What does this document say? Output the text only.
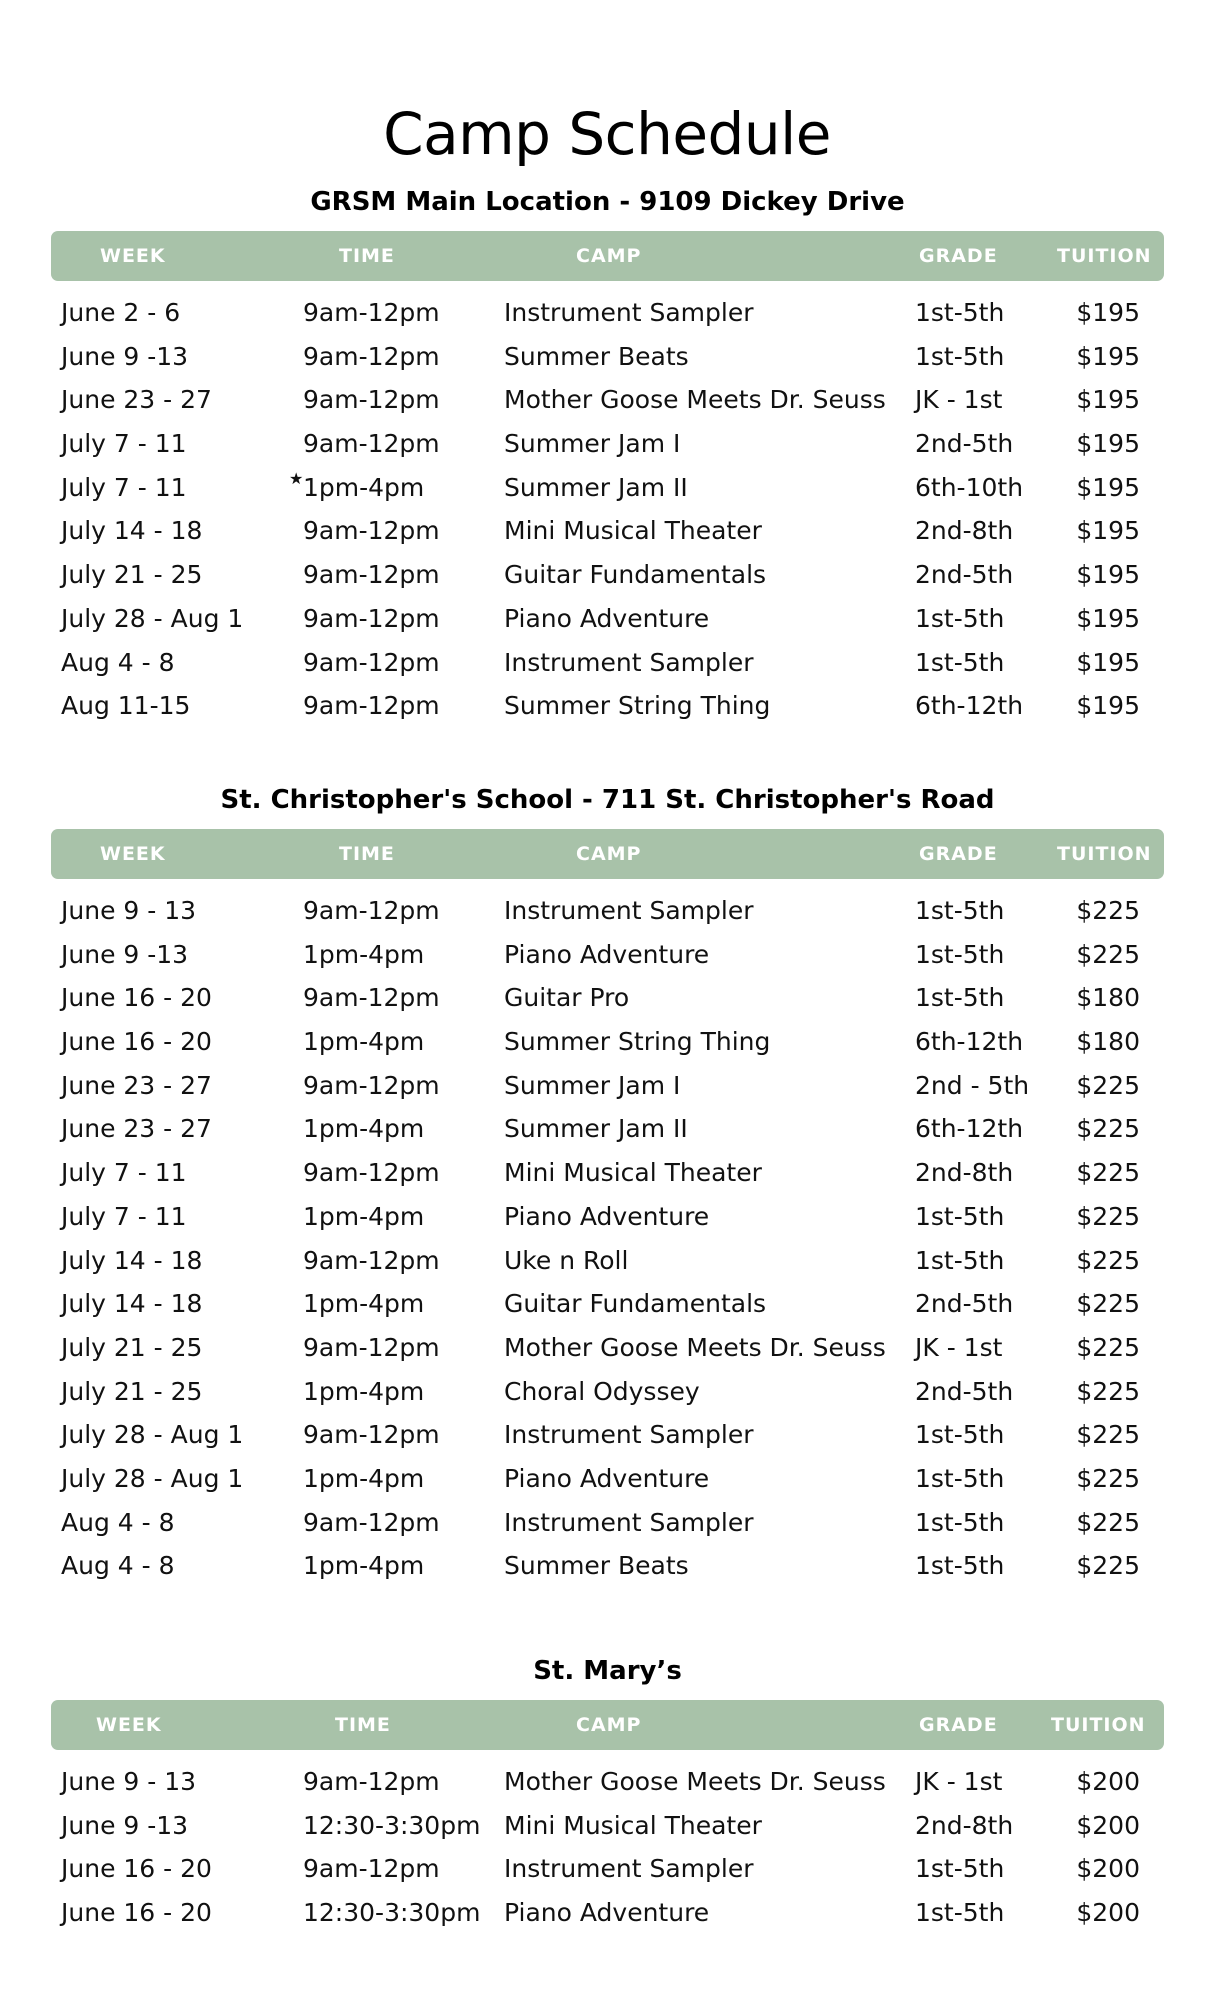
Camp Schedule
GRSM Main Location - 9109 Dickey Drive
WEEK	TIME	CAMP	GRADE	TUITION
June 2 - 6	9am-12pm	Instrument Sampler	1st-5th	$195
June 9 -13	9am-12pm	Summer Beats	1st-5th	$195
June 23 - 27	9am-12pm	Mother Goose Meets Dr. Seuss JK - 1st	$195
July 7 - 11	9am-12pm	Summer Jam I	2nd-5th	$195
July 7 - 11	★ 1pm-4pm	Summer Jam II	6th-10th $195
July 14 - 18	9am-12pm	Mini Musical Theater	2nd-8th	$195
July 21 - 25	9am-12pm	Guitar Fundamentals	2nd-5th	$195
July 28 - Aug 1 9am-12pm	Piano Adventure	1st-5th	$195
Aug 4 - 8	9am-12pm	Instrument Sampler	1st-5th	$195
Aug 11-15	9am-12pm	Summer String Thing	6th-12th $195
St. Christopher's School - 711 St. Christopher's Road
WEEK	TIME	CAMP	GRADE	TUITION
June 9 - 13	9am-12pm	Instrument Sampler	1st-5th	$225
June 9 -13	1pm-4pm	Piano Adventure	1st-5th	$225
June 16 - 20	9am-12pm	Guitar Pro	1st-5th	$180
June 16 - 20	1pm-4pm	Summer String Thing	6th-12th $180
June 23 - 27	9am-12pm	Summer Jam I	2nd - 5th $225
June 23 - 27	1pm-4pm	Summer Jam II	6th-12th $225
July 7 - 11	9am-12pm	Mini Musical Theater	2nd-8th	$225
July 7 - 11	1pm-4pm	Piano Adventure	1st-5th	$225
July 14 - 18	9am-12pm	Uke n Roll	1st-5th	$225
July 14 - 18	1pm-4pm	Guitar Fundamentals	2nd-5th	$225
July 21 - 25	9am-12pm	Mother Goose Meets Dr. Seuss JK - 1st	$225
July 21 - 25	1pm-4pm	Choral Odyssey	2nd-5th	$225
July 28 - Aug 1 9am-12pm	Instrument Sampler	1st-5th	$225
July 28 - Aug 1 1pm-4pm	Piano Adventure	1st-5th	$225
Aug 4 - 8	9am-12pm	Instrument Sampler	1st-5th	$225
Aug 4 - 8	1pm-4pm	Summer Beats	1st-5th	$225
St. Mary’s
WEEK	TIME	CAMP	GRADE	TUITION
June 9 - 13	9am-12pm	Mother Goose Meets Dr. Seuss JK - 1st	$200
June 9 -13	12:30-3:30pm Mini Musical Theater	2nd-8th	$200
June 16 - 20	9am-12pm	Instrument Sampler	1st-5th	$200
June 16 - 20	12:30-3:30pm Piano Adventure	1st-5th	$200
